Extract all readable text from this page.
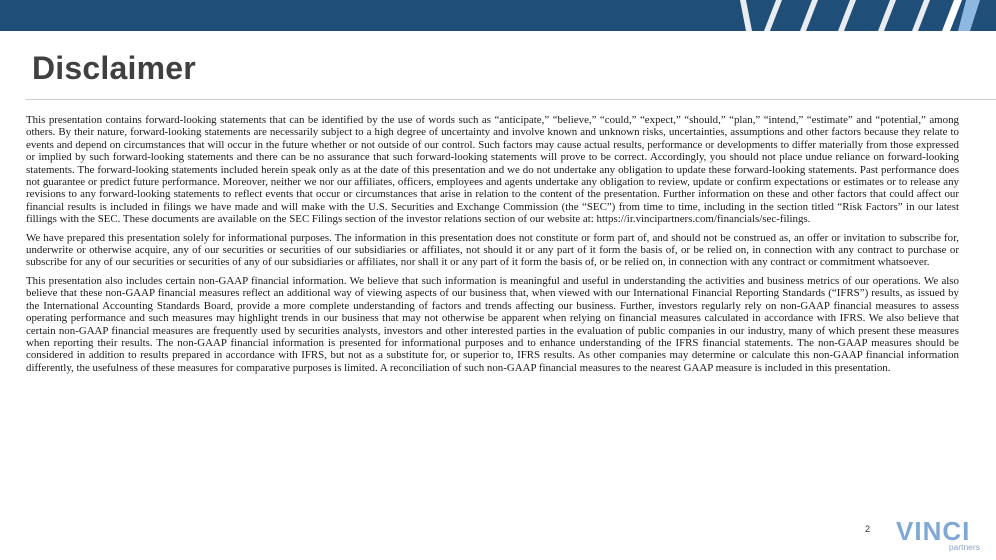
Disclaimer

This presentation contains forward-looking statements that can be identified by the use of words such as “anticipate,” “believe,” “could,” “expect,” “should,” “plan,” “intend,” “estimate” and “potential,” among others. By their nature, forward-looking statements are necessarily subject to a high degree of uncertainty and involve known and unknown risks, uncertainties, assumptions and other factors because they relate to events and depend on circumstances that will occur in the future whether or not outside of our control. Such factors may cause actual results, performance or developments to differ materially from those expressed or implied by such forward-looking statements and there can be no assurance that such forward-looking statements will prove to be correct. Accordingly, you should not place undue reliance on forward-looking statements. The forward-looking statements included herein speak only as at the date of this presentation and we do not undertake any obligation to update these forward-looking statements. Past performance does not guarantee or predict future performance. Moreover, neither we nor our affiliates, officers, employees and agents undertake any obligation to review, update or confirm expectations or estimates or to release any revisions to any forward-looking statements to reflect events that occur or circumstances that arise in relation to the content of the presentation. Further information on these and other factors that could affect our financial results is included in filings we have made and will make with the U.S. Securities and Exchange Commission (the “SEC”) from time to time, including in the section titled “Risk Factors” in our latest fillings with the SEC. These documents are available on the SEC Filings section of the investor relations section of our website at: https://ir.vincipartners.com/financials/sec-filings.

We have prepared this presentation solely for informational purposes. The information in this presentation does not constitute or form part of, and should not be construed as, an offer or invitation to subscribe for, underwrite or otherwise acquire, any of our securities or securities of our subsidiaries or affiliates, not should it or any part of it form the basis of, or be relied on, in connection with any contract to purchase or subscribe for any of our securities or securities of any of our subsidiaries or affiliates, nor shall it or any part of it form the basis of, or be relied on, in connection with any contract or commitment whatsoever.

This presentation also includes certain non-GAAP financial information. We believe that such information is meaningful and useful in understanding the activities and business metrics of our operations. We also believe that these non-GAAP financial measures reflect an additional way of viewing aspects of our business that, when viewed with our International Financial Reporting Standards (“IFRS”) results, as issued by the International Accounting Standards Board, provide a more complete understanding of factors and trends affecting our business. Further, investors regularly rely on non-GAAP financial measures to assess operating performance and such measures may highlight trends in our business that may not otherwise be apparent when relying on financial measures calculated in accordance with IFRS. We also believe that certain non-GAAP financial measures are frequently used by securities analysts, investors and other interested parties in the evaluation of public companies in our industry, many of which present these measures when reporting their results. The non-GAAP financial information is presented for informational purposes and to enhance understanding of the IFRS financial statements. The non-GAAP measures should be considered in addition to results prepared in accordance with IFRS, but not as a substitute for, or superior to, IFRS results. As other companies may determine or calculate this non-GAAP financial information differently, the usefulness of these measures for comparative purposes is limited. A reconciliation of such non-GAAP financial measures to the nearest GAAP measure is included in this presentation.

2 VINCI
partners
